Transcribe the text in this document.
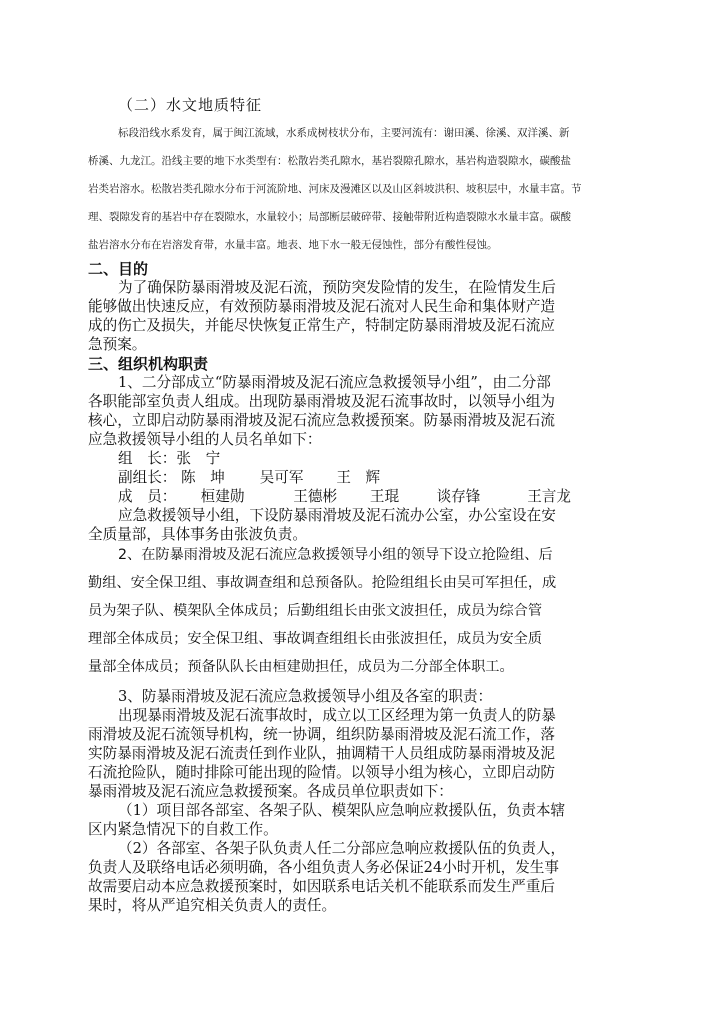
（二）水文地质特征
标段沿线水系发育，属于闽江流域，水系成树枝状分布，主要河流有：谢田溪、徐溪、双洋溪、新
桥溪、九龙江。沿线主要的地下水类型有：松散岩类孔隙水，基岩裂隙孔隙水，基岩构造裂隙水，碳酸盐
岩类岩溶水。松散岩类孔隙水分布于河流阶地、河床及漫滩区以及山区斜坡洪积、坡积层中，水量丰富。节
理、裂隙发育的基岩中存在裂隙水，水量较小；局部断层破碎带、接触带附近构造裂隙水水量丰富。碳酸
盐岩溶水分布在岩溶发育带，水量丰富。地表、地下水一般无侵蚀性，部分有酸性侵蚀。
二、目的
为了确保防暴雨滑坡及泥石流，预防突发险情的发生，在险情发生后
能够做出快速反应，有效预防暴雨滑坡及泥石流对人民生命和集体财产造
成的伤亡及损失，并能尽快恢复正常生产，特制定防暴雨滑坡及泥石流应
急预案。
三、组织机构职责
1、二分部成立“防暴雨滑坡及泥石流应急救援领导小组”，由二分部
各职能部室负责人组成。出现防暴雨滑坡及泥石流事故时，以领导小组为
核心，立即启动防暴雨滑坡及泥石流应急救援预案。防暴雨滑坡及泥石流
应急救援领导小组的人员名单如下：
组　长：张　宁
副组长： 陈　坤 吴可军 王　辉
成　员： 桓建勋	王德彬 王琨	谈存锋	王言龙
应急救援领导小组，下设防暴雨滑坡及泥石流办公室，办公室设在安
全质量部，具体事务由张波负责。
2、在防暴雨滑坡及泥石流应急救援领导小组的领导下设立抢险组、后
勤组、安全保卫组、事故调查组和总预备队。抢险组组长由吴可军担任，成
员为架子队、模架队全体成员；后勤组组长由张文波担任，成员为综合管
理部全体成员；安全保卫组、事故调查组组长由张波担任，成员为安全质
量部全体成员；预备队队长由桓建勋担任，成员为二分部全体职工。
3、防暴雨滑坡及泥石流应急救援领导小组及各室的职责：
出现暴雨滑坡及泥石流事故时，成立以工区经理为第一负责人的防暴
雨滑坡及泥石流领导机构，统一协调，组织防暴雨滑坡及泥石流工作，落
实防暴雨滑坡及泥石流责任到作业队，抽调精干人员组成防暴雨滑坡及泥
石流抢险队，随时排除可能出现的险情。以领导小组为核心，立即启动防
暴雨滑坡及泥石流应急救援预案。各成员单位职责如下：
（1）项目部各部室、各架子队、模架队应急响应救援队伍，负责本辖
区内紧急情况下的自救工作。
（2）各部室、各架子队负责人任二分部应急响应救援队伍的负责人，
负责人及联络电话必须明确，各小组负责人务必保证24小时开机，发生事
故需要启动本应急救援预案时，如因联系电话关机不能联系而发生严重后
果时，将从严追究相关负责人的责任。
